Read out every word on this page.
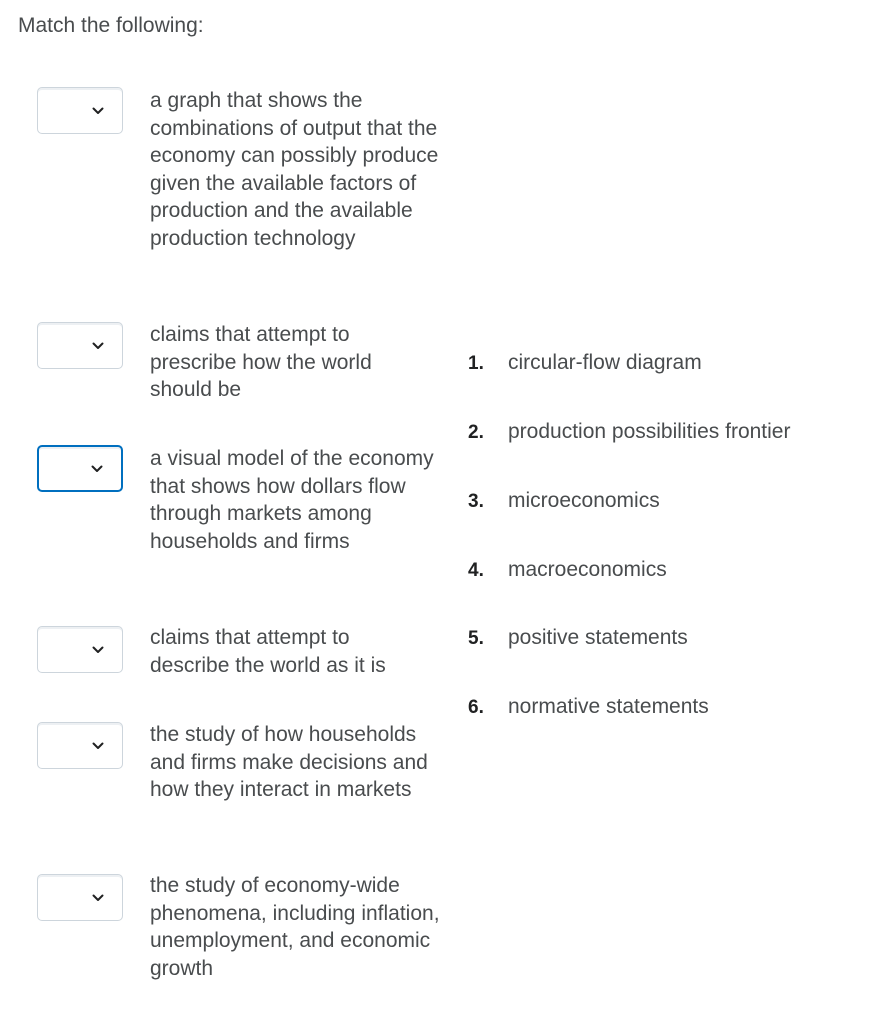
Match the following:
a graph that shows the combinations of output that the economy can possibly produce given the available factors of production and the available production technology
claims that attempt to prescribe how the world should be
a visual model of the economy that shows how dollars flow through markets among households and firms
claims that attempt to describe the world as it is
the study of how households and firms make decisions and how they interact in markets
the study of economy-wide phenomena, including inflation, unemployment, and economic growth
1. circular-flow diagram
2. production possibilities frontier
3. microeconomics
4. macroeconomics
5. positive statements
6. normative statements
